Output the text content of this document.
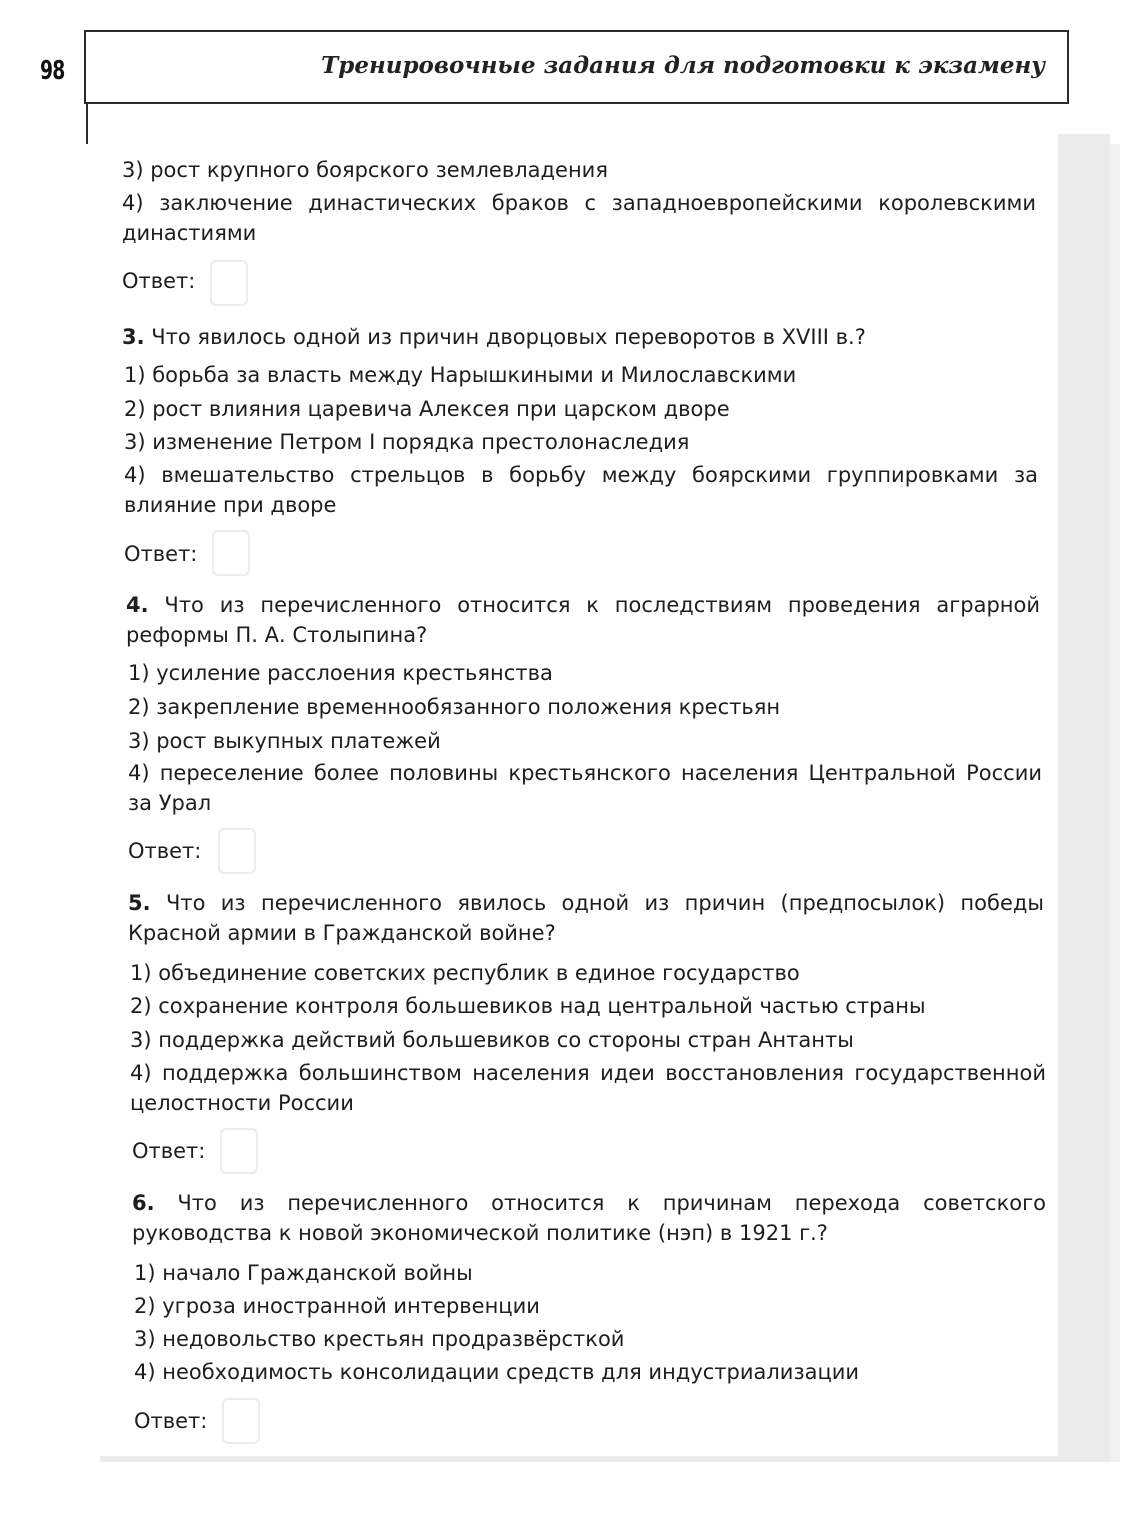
98	Тренировочные задания для подготовки к экзамену
3) рост крупного боярского землевладения
4) заключение династических браков с западноевропейскими королевскими династиями
Ответ:
3. Что явилось одной из причин дворцовых переворотов в XVIII в.?
1) борьба за власть между Нарышкиными и Милославскими
2) рост влияния царевича Алексея при царском дворе
3) изменение Петром I порядка престолонаследия
4) вмешательство стрельцов в борьбу между боярскими группировками за влияние при дворе
Ответ:
4. Что из перечисленного относится к последствиям проведения аграрной реформы П. А. Столыпина?
1) усиление расслоения крестьянства
2) закрепление временнообязанного положения крестьян
3) рост выкупных платежей
4) переселение более половины крестьянского населения Центральной России за Урал
Ответ:
5. Что из перечисленного явилось одной из причин (предпосылок) победы Красной армии в Гражданской войне?
1) объединение советских республик в единое государство
2) сохранение контроля большевиков над центральной частью страны
3) поддержка действий большевиков со стороны стран Антанты
4) поддержка большинством населения идеи восстановления государственной целостности России
Ответ:
6. Что из перечисленного относится к причинам перехода советского руководства к новой экономической политике (нэп) в 1921 г.?
1) начало Гражданской войны
2) угроза иностранной интервенции
3) недовольство крестьян продразвёрсткой
4) необходимость консолидации средств для индустриализации
Ответ:
